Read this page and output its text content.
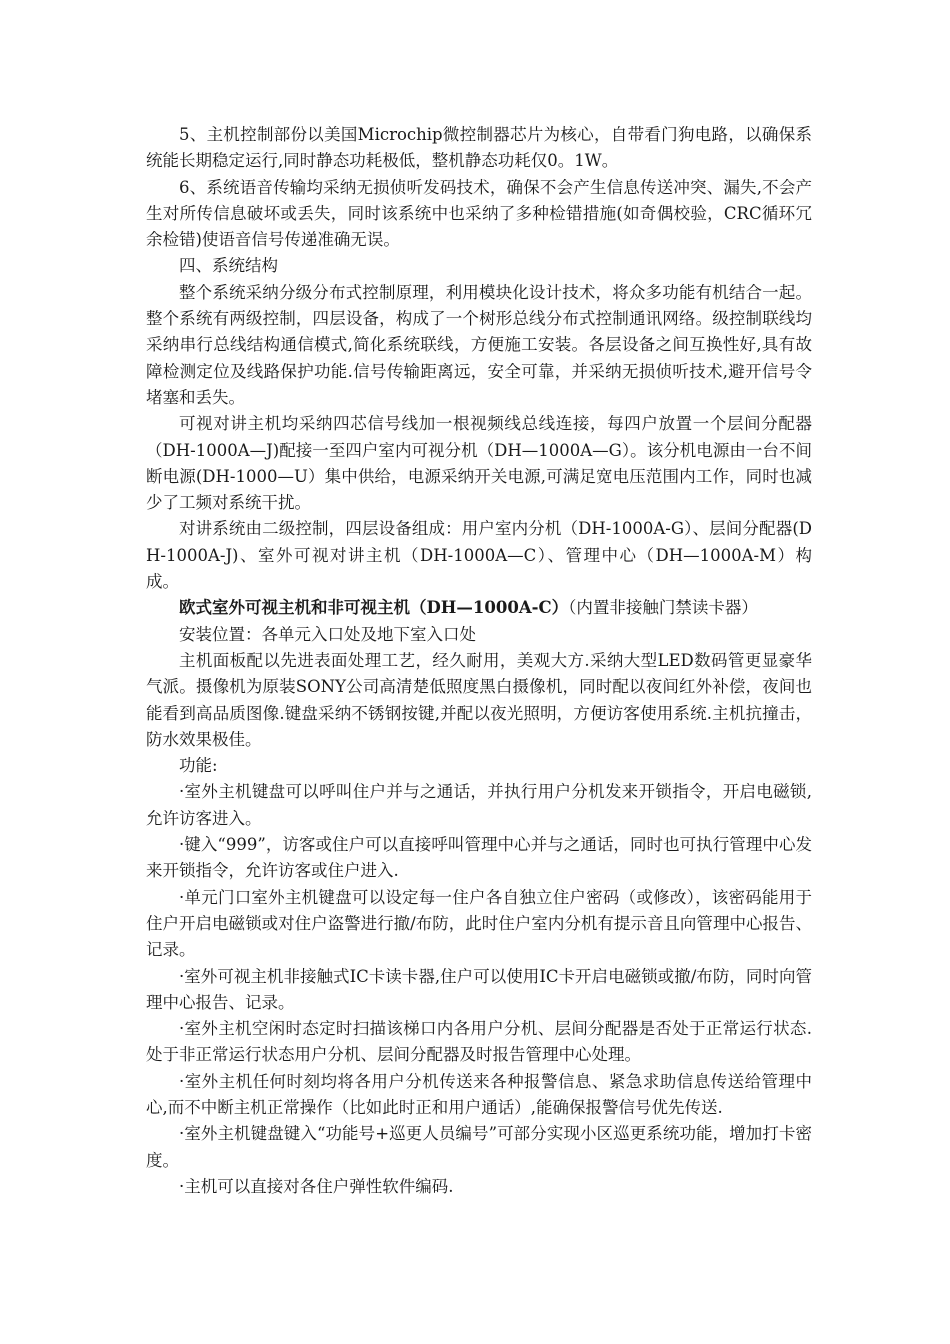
5、主机控制部份以美国Microchip微控制器芯片为核心，自带看门狗电路，以确保系统能长期稳定运行,同时静态功耗极低，整机静态功耗仅0。1W。

6、系统语音传输均采纳无损侦听发码技术，确保不会产生信息传送冲突、漏失,不会产生对所传信息破坏或丢失，同时该系统中也采纳了多种检错措施(如奇偶校验，CRC循环冗余检错)使语音信号传递准确无误。

四、系统结构

整个系统采纳分级分布式控制原理，利用模块化设计技术，将众多功能有机结合一起。整个系统有两级控制，四层设备，构成了一个树形总线分布式控制通讯网络。级控制联线均采纳串行总线结构通信模式,简化系统联线，方便施工安装。各层设备之间互换性好,具有故障检测定位及线路保护功能.信号传输距离远，安全可靠，并采纳无损侦听技术,避开信号令堵塞和丢失。

可视对讲主机均采纳四芯信号线加一根视频线总线连接，每四户放置一个层间分配器（DH-1000A—J)配接一至四户室内可视分机（DH—1000A—G）。该分机电源由一台不间断电源(DH-1000—U）集中供给，电源采纳开关电源,可满足宽电压范围内工作，同时也减少了工频对系统干扰。

对讲系统由二级控制，四层设备组成：用户室内分机（DH-1000A-G）、层间分配器(DH-1000A-J)、室外可视对讲主机（DH-1000A—C）、管理中心（DH—1000A-M）构成。

欧式室外可视主机和非可视主机（DH—1000A-C）（内置非接触门禁读卡器）

安装位置：各单元入口处及地下室入口处

主机面板配以先进表面处理工艺，经久耐用，美观大方.采纳大型LED数码管更显豪华气派。摄像机为原装SONY公司高清楚低照度黑白摄像机，同时配以夜间红外补偿，夜间也能看到高品质图像.键盘采纳不锈钢按键,并配以夜光照明，方便访客使用系统.主机抗撞击，防水效果极佳。

功能:

·室外主机键盘可以呼叫住户并与之通话，并执行用户分机发来开锁指令，开启电磁锁,允许访客进入。

·键入“999”，访客或住户可以直接呼叫管理中心并与之通话，同时也可执行管理中心发来开锁指令，允许访客或住户进入.

·单元门口室外主机键盘可以设定每一住户各自独立住户密码（或修改），该密码能用于住户开启电磁锁或对住户盗警进行撤/布防，此时住户室内分机有提示音且向管理中心报告、记录。

·室外可视主机非接触式IC卡读卡器,住户可以使用IC卡开启电磁锁或撤/布防，同时向管理中心报告、记录。

·室外主机空闲时态定时扫描该梯口内各用户分机、层间分配器是否处于正常运行状态.处于非正常运行状态用户分机、层间分配器及时报告管理中心处理。

·室外主机任何时刻均将各用户分机传送来各种报警信息、紧急求助信息传送给管理中心,而不中断主机正常操作（比如此时正和用户通话）,能确保报警信号优先传送.

·室外主机键盘键入“功能号+巡更人员编号”可部分实现小区巡更系统功能，增加打卡密度。

·主机可以直接对各住户弹性软件编码.
